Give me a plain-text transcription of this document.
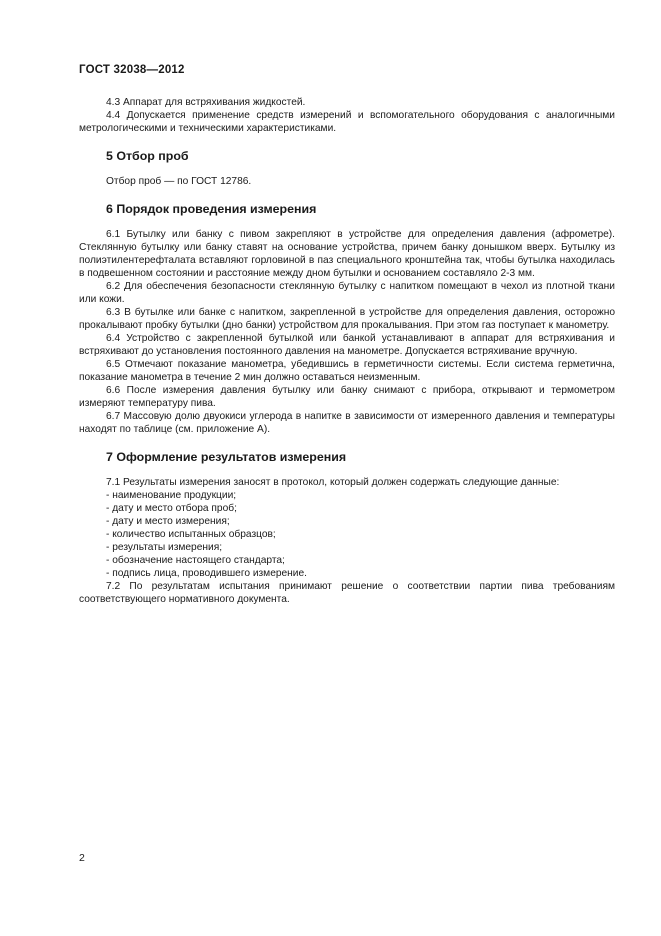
ГОСТ 32038—2012

4.3 Аппарат для встряхивания жидкостей.

4.4 Допускается применение средств измерений и вспомогательного оборудования с аналогичными метрологическими и техническими характеристиками.

5 Отбор проб

Отбор проб — по ГОСТ 12786.

6 Порядок проведения измерения

6.1 Бутылку или банку с пивом закрепляют в устройстве для определения давления (афрометре). Стеклянную бутылку или банку ставят на основание устройства, причем банку донышком вверх. Бутылку из полиэтилентерефталата вставляют горловиной в паз специального кронштейна так, чтобы бутылка находилась в подвешенном состоянии и расстояние между дном бутылки и основанием составляло 2-3 мм.

6.2 Для обеспечения безопасности стеклянную бутылку с напитком помещают в чехол из плотной ткани или кожи.

6.3 В бутылке или банке с напитком, закрепленной в устройстве для определения давления, осторожно прокалывают пробку бутылки (дно банки) устройством для прокалывания. При этом газ поступает к манометру.

6.4 Устройство с закрепленной бутылкой или банкой устанавливают в аппарат для встряхивания и встряхивают до установления постоянного давления на манометре. Допускается встряхивание вручную.

6.5 Отмечают показание манометра, убедившись в герметичности системы. Если система герметична, показание манометра в течение 2 мин должно оставаться неизменным.

6.6 После измерения давления бутылку или банку снимают с прибора, открывают и термометром измеряют температуру пива.

6.7 Массовую долю двуокиси углерода в напитке в зависимости от измеренного давления и температуры находят по таблице (см. приложение А).

7 Оформление результатов измерения

7.1 Результаты измерения заносят в протокол, который должен содержать следующие данные:

- наименование продукции;

- дату и место отбора проб;

- дату и место измерения;

- количество испытанных образцов;

- результаты измерения;

- обозначение настоящего стандарта;

- подпись лица, проводившего измерение.

7.2 По результатам испытания принимают решение о соответствии партии пива требованиям соответствующего нормативного документа.

2
